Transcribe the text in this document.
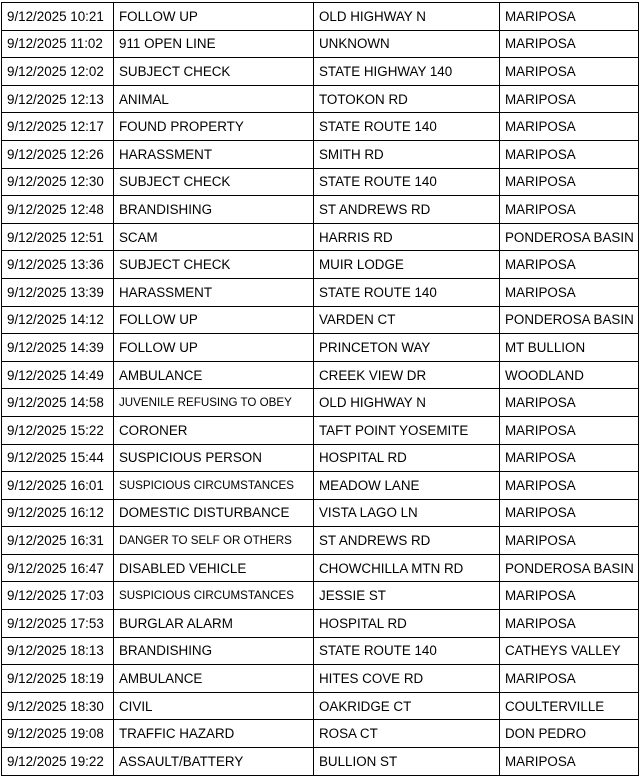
9/12/2025 10:21	FOLLOW UP	OLD HIGHWAY N	MARIPOSA
9/12/2025 11:02	911 OPEN LINE	UNKNOWN	MARIPOSA
9/12/2025 12:02	SUBJECT CHECK	STATE HIGHWAY 140	MARIPOSA
9/12/2025 12:13	ANIMAL	TOTOKON RD	MARIPOSA
9/12/2025 12:17	FOUND PROPERTY	STATE ROUTE 140	MARIPOSA
9/12/2025 12:26	HARASSMENT	SMITH RD	MARIPOSA
9/12/2025 12:30	SUBJECT CHECK	STATE ROUTE 140	MARIPOSA
9/12/2025 12:48	BRANDISHING	ST ANDREWS RD	MARIPOSA
9/12/2025 12:51	SCAM	HARRIS RD	PONDEROSA BASIN
9/12/2025 13:36	SUBJECT CHECK	MUIR LODGE	MARIPOSA
9/12/2025 13:39	HARASSMENT	STATE ROUTE 140	MARIPOSA
9/12/2025 14:12	FOLLOW UP	VARDEN CT	PONDEROSA BASIN
9/12/2025 14:39	FOLLOW UP	PRINCETON WAY	MT BULLION
9/12/2025 14:49	AMBULANCE	CREEK VIEW DR	WOODLAND
9/12/2025 14:58	JUVENILE REFUSING TO OBEY	OLD HIGHWAY N	MARIPOSA
9/12/2025 15:22	CORONER	TAFT POINT YOSEMITE	MARIPOSA
9/12/2025 15:44	SUSPICIOUS PERSON	HOSPITAL RD	MARIPOSA
9/12/2025 16:01	SUSPICIOUS CIRCUMSTANCES	MEADOW LANE	MARIPOSA
9/12/2025 16:12	DOMESTIC DISTURBANCE	VISTA LAGO LN	MARIPOSA
9/12/2025 16:31	DANGER TO SELF OR OTHERS	ST ANDREWS RD	MARIPOSA
9/12/2025 16:47	DISABLED VEHICLE	CHOWCHILLA MTN RD	PONDEROSA BASIN
9/12/2025 17:03	SUSPICIOUS CIRCUMSTANCES	JESSIE ST	MARIPOSA
9/12/2025 17:53	BURGLAR ALARM	HOSPITAL RD	MARIPOSA
9/12/2025 18:13	BRANDISHING	STATE ROUTE 140	CATHEYS VALLEY
9/12/2025 18:19	AMBULANCE	HITES COVE RD	MARIPOSA
9/12/2025 18:30	CIVIL	OAKRIDGE CT	COULTERVILLE
9/12/2025 19:08	TRAFFIC HAZARD	ROSA CT	DON PEDRO
9/12/2025 19:22	ASSAULT/BATTERY	BULLION ST	MARIPOSA
